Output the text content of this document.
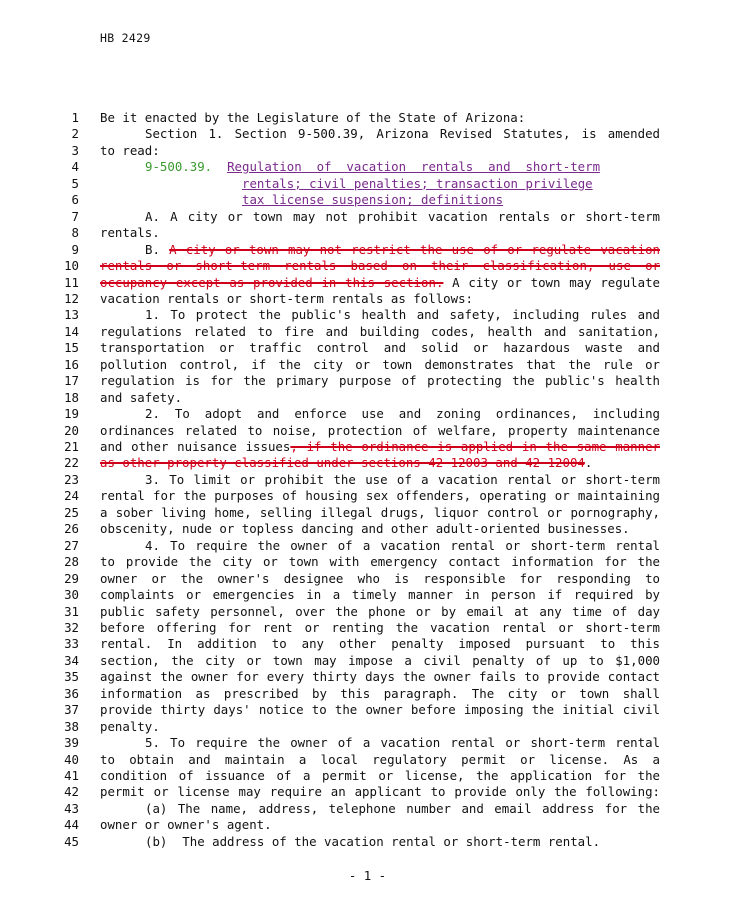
HB 2429
1 Be it enacted by the Legislature of the State of Arizona:
2	Section 1. Section 9-500.39, Arizona Revised Statutes, is amended
3 to read:
4	9-500.39.  Regulation  of  vacation  rentals  and  short-term
5	rentals; civil penalties; transaction privilege
6	tax license suspension; definitions
7	A. A city or town may not prohibit vacation rentals or short-term
8 rentals.
9	B. A city or town may not restrict the use of or regulate vacation
10 rentals or short-term rentals based on their classification, use or
11 occupancy except as provided in this section. A city or town may regulate
12 vacation rentals or short-term rentals as follows:
13	1. To protect the public's health and safety, including rules and
14 regulations related to fire and building codes, health and sanitation,
15 transportation or traffic control and solid or hazardous waste and
16 pollution control, if the city or town demonstrates that the rule or
17 regulation is for the primary purpose of protecting the public's health
18 and safety.
19	2. To adopt and enforce use and zoning ordinances, including
20 ordinances related to noise, protection of welfare, property maintenance
21 and other nuisance issues, if the ordinance is applied in the same manner
22 as other property classified under sections 42-12003 and 42-12004.
23	3. To limit or prohibit the use of a vacation rental or short-term
24 rental for the purposes of housing sex offenders, operating or maintaining
25 a sober living home, selling illegal drugs, liquor control or pornography,
26 obscenity, nude or topless dancing and other adult-oriented businesses.
27	4. To require the owner of a vacation rental or short-term rental
28 to provide the city or town with emergency contact information for the
29 owner or the owner's designee who is responsible for responding to
30 complaints or emergencies in a timely manner in person if required by
31 public safety personnel, over the phone or by email at any time of day
32 before offering for rent or renting the vacation rental or short-term
33 rental. In addition to any other penalty imposed pursuant to this
34 section, the city or town may impose a civil penalty of up to $1,000
35 against the owner for every thirty days the owner fails to provide contact
36 information as prescribed by this paragraph. The city or town shall
37 provide thirty days' notice to the owner before imposing the initial civil
38 penalty.
39	5. To require the owner of a vacation rental or short-term rental
40 to obtain and maintain a local regulatory permit or license. As a
41 condition of issuance of a permit or license, the application for the
42 permit or license may require an applicant to provide only the following:
43	(a) The name, address, telephone number and email address for the
44 owner or owner's agent.
45	(b)  The address of the vacation rental or short-term rental.
- 1 -
